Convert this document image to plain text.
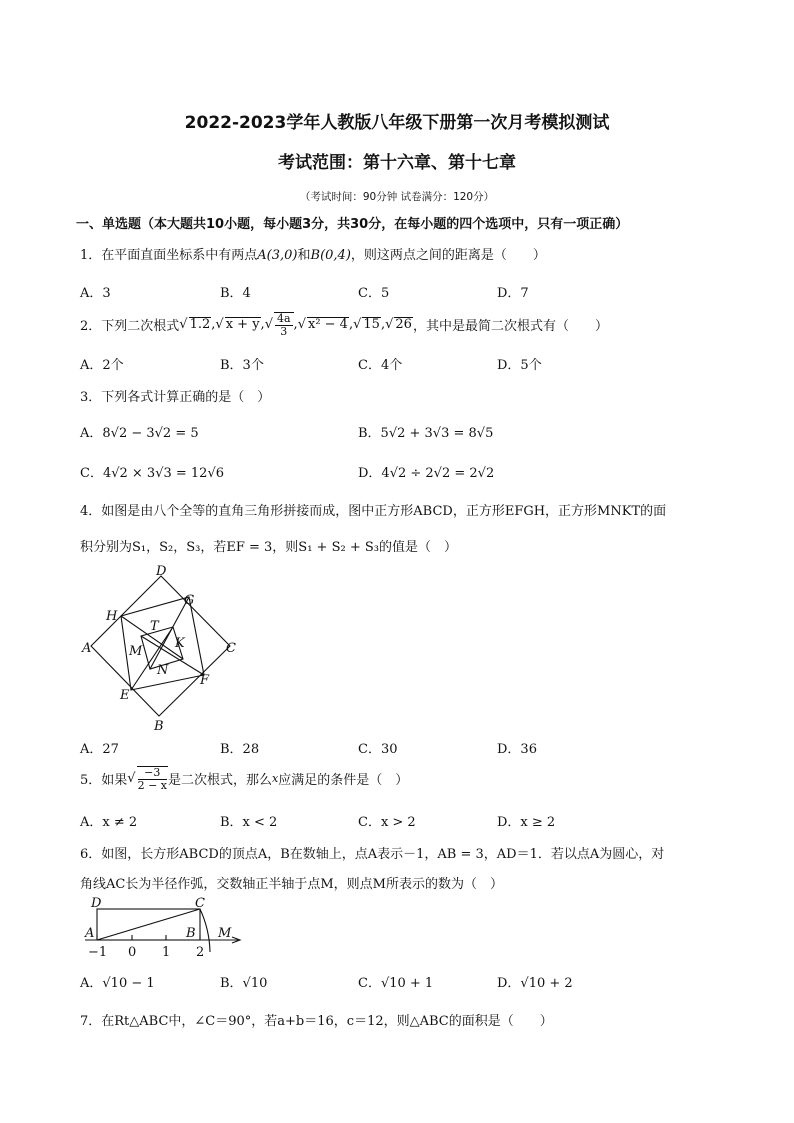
2022-2023学年人教版八年级下册第一次月考模拟测试
考试范围：第十六章、第十七章
（考试时间：90分钟 试卷满分：120分）
一、单选题（本大题共10小题，每小题3分，共30分，在每小题的四个选项中，只有一项正确）
1．在平面直面坐标系中有两点A(3,0)和B(0,4)，则这两点之间的距离是（　　）
A．3	B．4	C．5	D．7
2．下列二次根式 √ 1.2 , √ x + y , √ $\frac{4a}{3}$ , √ x² − 4 , √ 15 , √ 26 ，其中是最简二次根式有（　　）
A．2个	B．3个	C．4个	D．5个
3．下列各式计算正确的是（　）
A．8√2 − 3√2 = 5	B．5√2 + 3√3 = 8√5
C．4√2 × 3√3 = 12√6	D．4√2 ÷ 2√2 = 2√2
4．如图是由八个全等的直角三角形拼接而成，图中正方形ABCD，正方形EFGH，正方形MNKT的面
积分别为S₁，S₂，S₃，若EF = 3，则S₁ + S₂ + S₃的值是（　）
D
G
H
T
K
A	M	C
N
F
E
B
A．27	B．28	C．30	D．36
5．如果 √ $\frac{-3}{2 - x}$ 是二次根式，那么 x 应满足的条件是（　）
A．x ≠ 2	B．x < 2	C．x > 2	D．x ≥ 2
6．如图，长方形ABCD的顶点A，B在数轴上，点A表示－1，AB = 3，AD＝1．若以点A为圆心，对
角线AC长为半径作弧，交数轴正半轴于点M，则点M所表示的数为（　）
D	C
A	B M
−1 0 1 2
A．√10 − 1	B．√10	C．√10 + 1	D．√10 + 2
7．在Rt△ABC中，∠C＝90°，若a+b＝16，c＝12，则△ABC的面积是（　　）
